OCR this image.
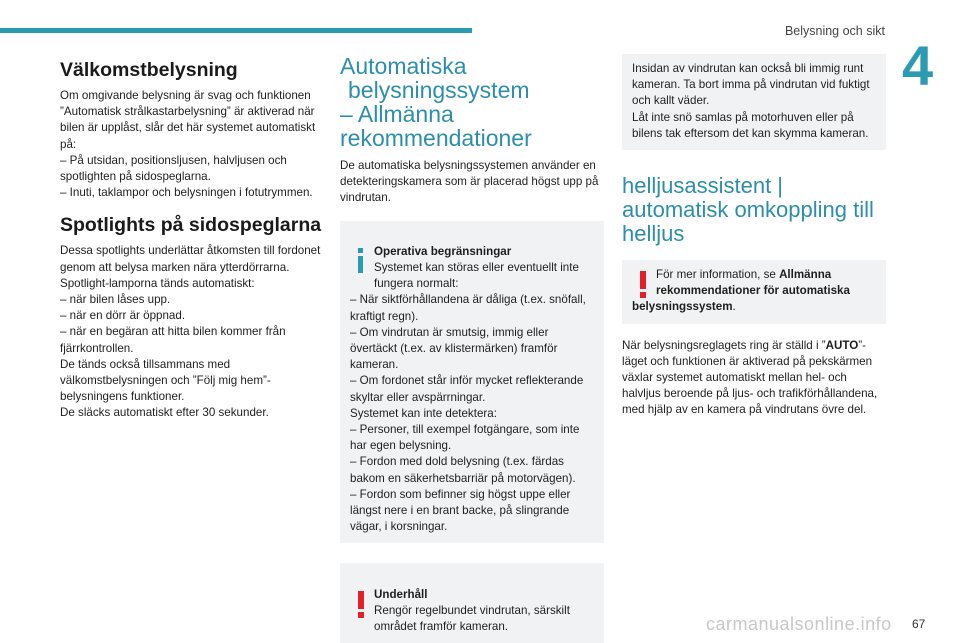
Belysning och sikt
4
Välkomstbelysning

Om omgivande belysning är svag och funktionen ”Automatisk strålkastarbelysning” är aktiverad när bilen är upplåst, slår det här systemet automatiskt på:
– På utsidan, positionsljusen, halvljusen och spotlighten på sidospeglarna.
– Inuti, taklampor och belysningen i fotutrymmen.

Spotlights på sidospeglarna

Dessa spotlights underlättar åtkomsten till fordonet genom att belysa marken nära ytterdörrarna.
Spotlight-lamporna tänds automatiskt:
– när bilen låses upp.
– när en dörr är öppnad.
– när en begäran att hitta bilen kommer från fjärrkontrollen.
De tänds också tillsammans med välkomstbelysningen och ”Följ mig hem”-belysningens funktioner.
De släcks automatiskt efter 30 sekunder.

Automatiska
belysningssystem
– Allmänna
rekommendationer

De automatiska belysningssystemen använder en detekteringskamera som är placerad högst upp på vindrutan.

Operativa begränsningar
Systemet kan störas eller eventuellt inte fungera normalt:
– När siktförhållandena är dåliga (t.ex. snöfall, kraftigt regn).
– Om vindrutan är smutsig, immig eller övertäckt (t.ex. av klistermärken) framför kameran.
– Om fordonet står inför mycket reflekterande skyltar eller avspärrningar.
Systemet kan inte detektera:
– Personer, till exempel fotgängare, som inte har egen belysning.
– Fordon med dold belysning (t.ex. färdas bakom en säkerhetsbarriär på motorvägen).
– Fordon som befinner sig högst uppe eller längst nere i en brant backe, på slingrande vägar, i korsningar.

Underhåll
Rengör regelbundet vindrutan, särskilt området framför kameran.

Insidan av vindrutan kan också bli immig runt kameran. Ta bort imma på vindrutan vid fuktigt och kallt väder.
Låt inte snö samlas på motorhuven eller på bilens tak eftersom det kan skymma kameran.
helljusassistent |
automatisk omkoppling till
helljus
För mer information, se Allmänna rekommendationer för automatiska belysningssystem.

När belysningsreglagets ring är ställd i ”AUTO”-läget och funktionen är aktiverad på pekskärmen växlar systemet automatiskt mellan hel- och halvljus beroende på ljus- och trafikförhållandena, med hjälp av en kamera på vindrutans övre del.

carmanualsonline.info 67
